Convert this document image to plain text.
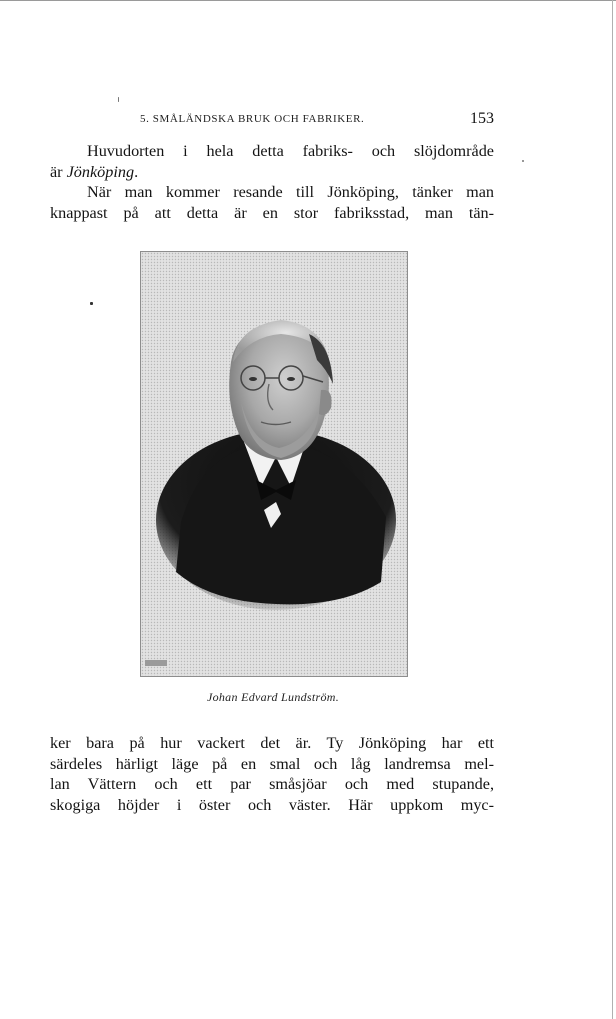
5. SMÅLÄNDSKA BRUK OCH FABRIKER.	153
Huvudorten i hela detta fabriks- och slöjdområde
är Jönköping.
När man kommer resande till Jönköping, tänker man
knappast på att detta är en stor fabriksstad, man tän-
Johan Edvard Lundström.
ker bara på hur vackert det är. Ty Jönköping har ett
särdeles härligt läge på en smal och låg landremsa mel-
lan Vättern och ett par småsjöar och med stupande,
skogiga höjder i öster och väster. Här uppkom myc-
